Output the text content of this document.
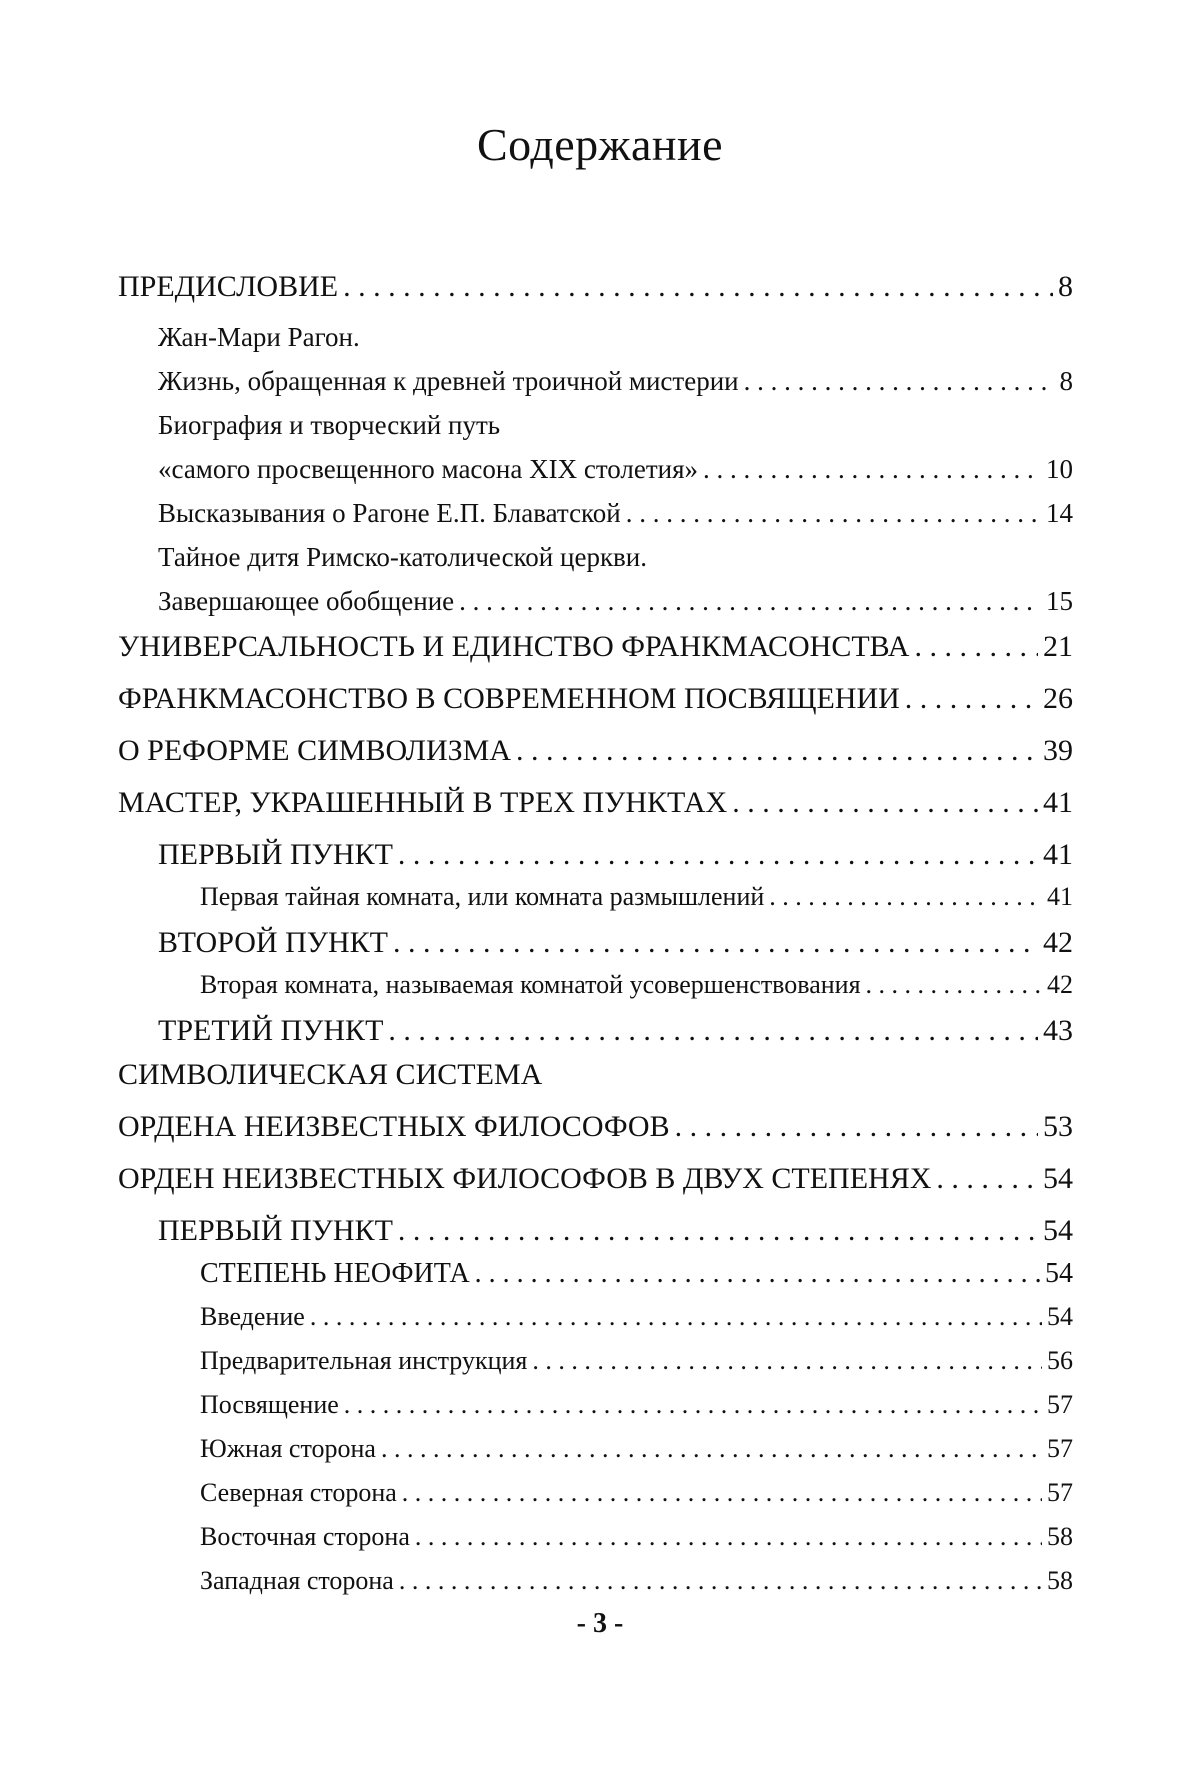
Содержание
ПРЕДИСЛОВИЕ . . .	8
Жан-Мари Рагон.
Жизнь, обращенная к древней троичной мистерии . . .	8
Биография и творческий путь
«самого просвещенного масона XIX столетия» . . .	10
Высказывания о Рагоне Е.П. Блаватской . . .	14
Тайное дитя Римско-католической церкви.
Завершающее обобщение . . .	15
УНИВЕРСАЛЬНОСТЬ И ЕДИНСТВО ФРАНКМАСОНСТВА . . .	21
ФРАНКМАСОНСТВО В СОВРЕМЕННОМ ПОСВЯЩЕНИИ . . .	26
О РЕФОРМЕ СИМВОЛИЗМА . . .	39
МАСТЕР, УКРАШЕННЫЙ В ТРЕХ ПУНКТАХ . . .	41
ПЕРВЫЙ ПУНКТ . . .	41
Первая тайная комната, или комната размышлений . . .	41
ВТОРОЙ ПУНКТ . . .	42
Вторая комната, называемая комнатой усовершенствования . . .	42
ТРЕТИЙ ПУНКТ . . .	43
СИМВОЛИЧЕСКАЯ СИСТЕМА
ОРДЕНА НЕИЗВЕСТНЫХ ФИЛОСОФОВ . . .	53
ОРДЕН НЕИЗВЕСТНЫХ ФИЛОСОФОВ В ДВУХ СТЕПЕНЯХ . . .	54
ПЕРВЫЙ ПУНКТ . . .	54
СТЕПЕНЬ НЕОФИТА . . .	54
Введение . . .	54
Предварительная инструкция . . .	56
Посвящение . . .	57
Южная сторона . . .	57
Северная сторона . . .	57
Восточная сторона . . .	58
Западная сторона . . .	58
- 3 -
